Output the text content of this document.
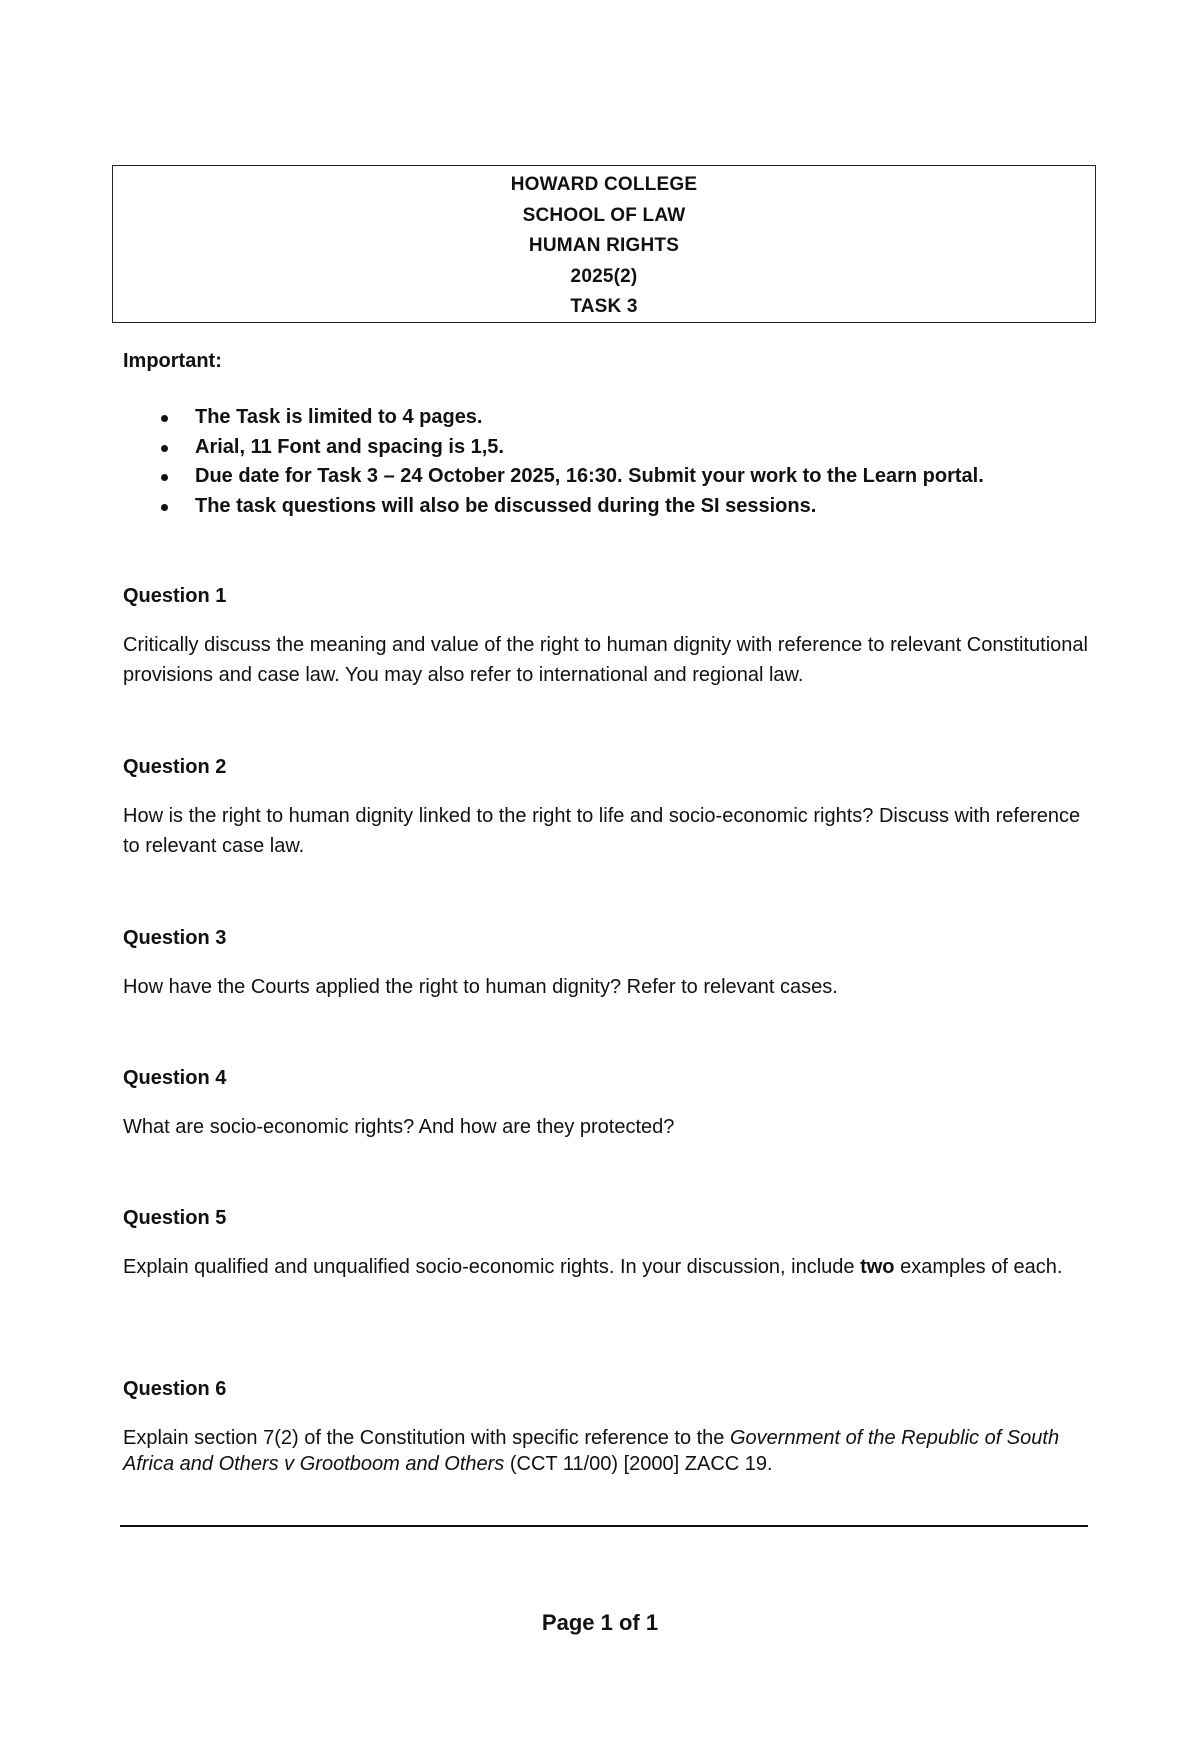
HOWARD COLLEGE
SCHOOL OF LAW
HUMAN RIGHTS
2025(2)
TASK 3
Important:
The Task is limited to 4 pages.
Arial, 11 Font and spacing is 1,5.
Due date for Task 3 – 24 October 2025, 16:30. Submit your work to the Learn portal.
The task questions will also be discussed during the SI sessions.
Question 1
Critically discuss the meaning and value of the right to human dignity with reference to relevant Constitutional provisions and case law. You may also refer to international and regional law.
Question 2
How is the right to human dignity linked to the right to life and socio-economic rights? Discuss with reference to relevant case law.
Question 3
How have the Courts applied the right to human dignity? Refer to relevant cases.
Question 4
What are socio-economic rights? And how are they protected?
Question 5
Explain qualified and unqualified socio-economic rights. In your discussion, include two examples of each.
Question 6
Explain section 7(2) of the Constitution with specific reference to the Government of the Republic of South Africa and Others v Grootboom and Others (CCT 11/00) [2000] ZACC 19.
Page 1 of 1
